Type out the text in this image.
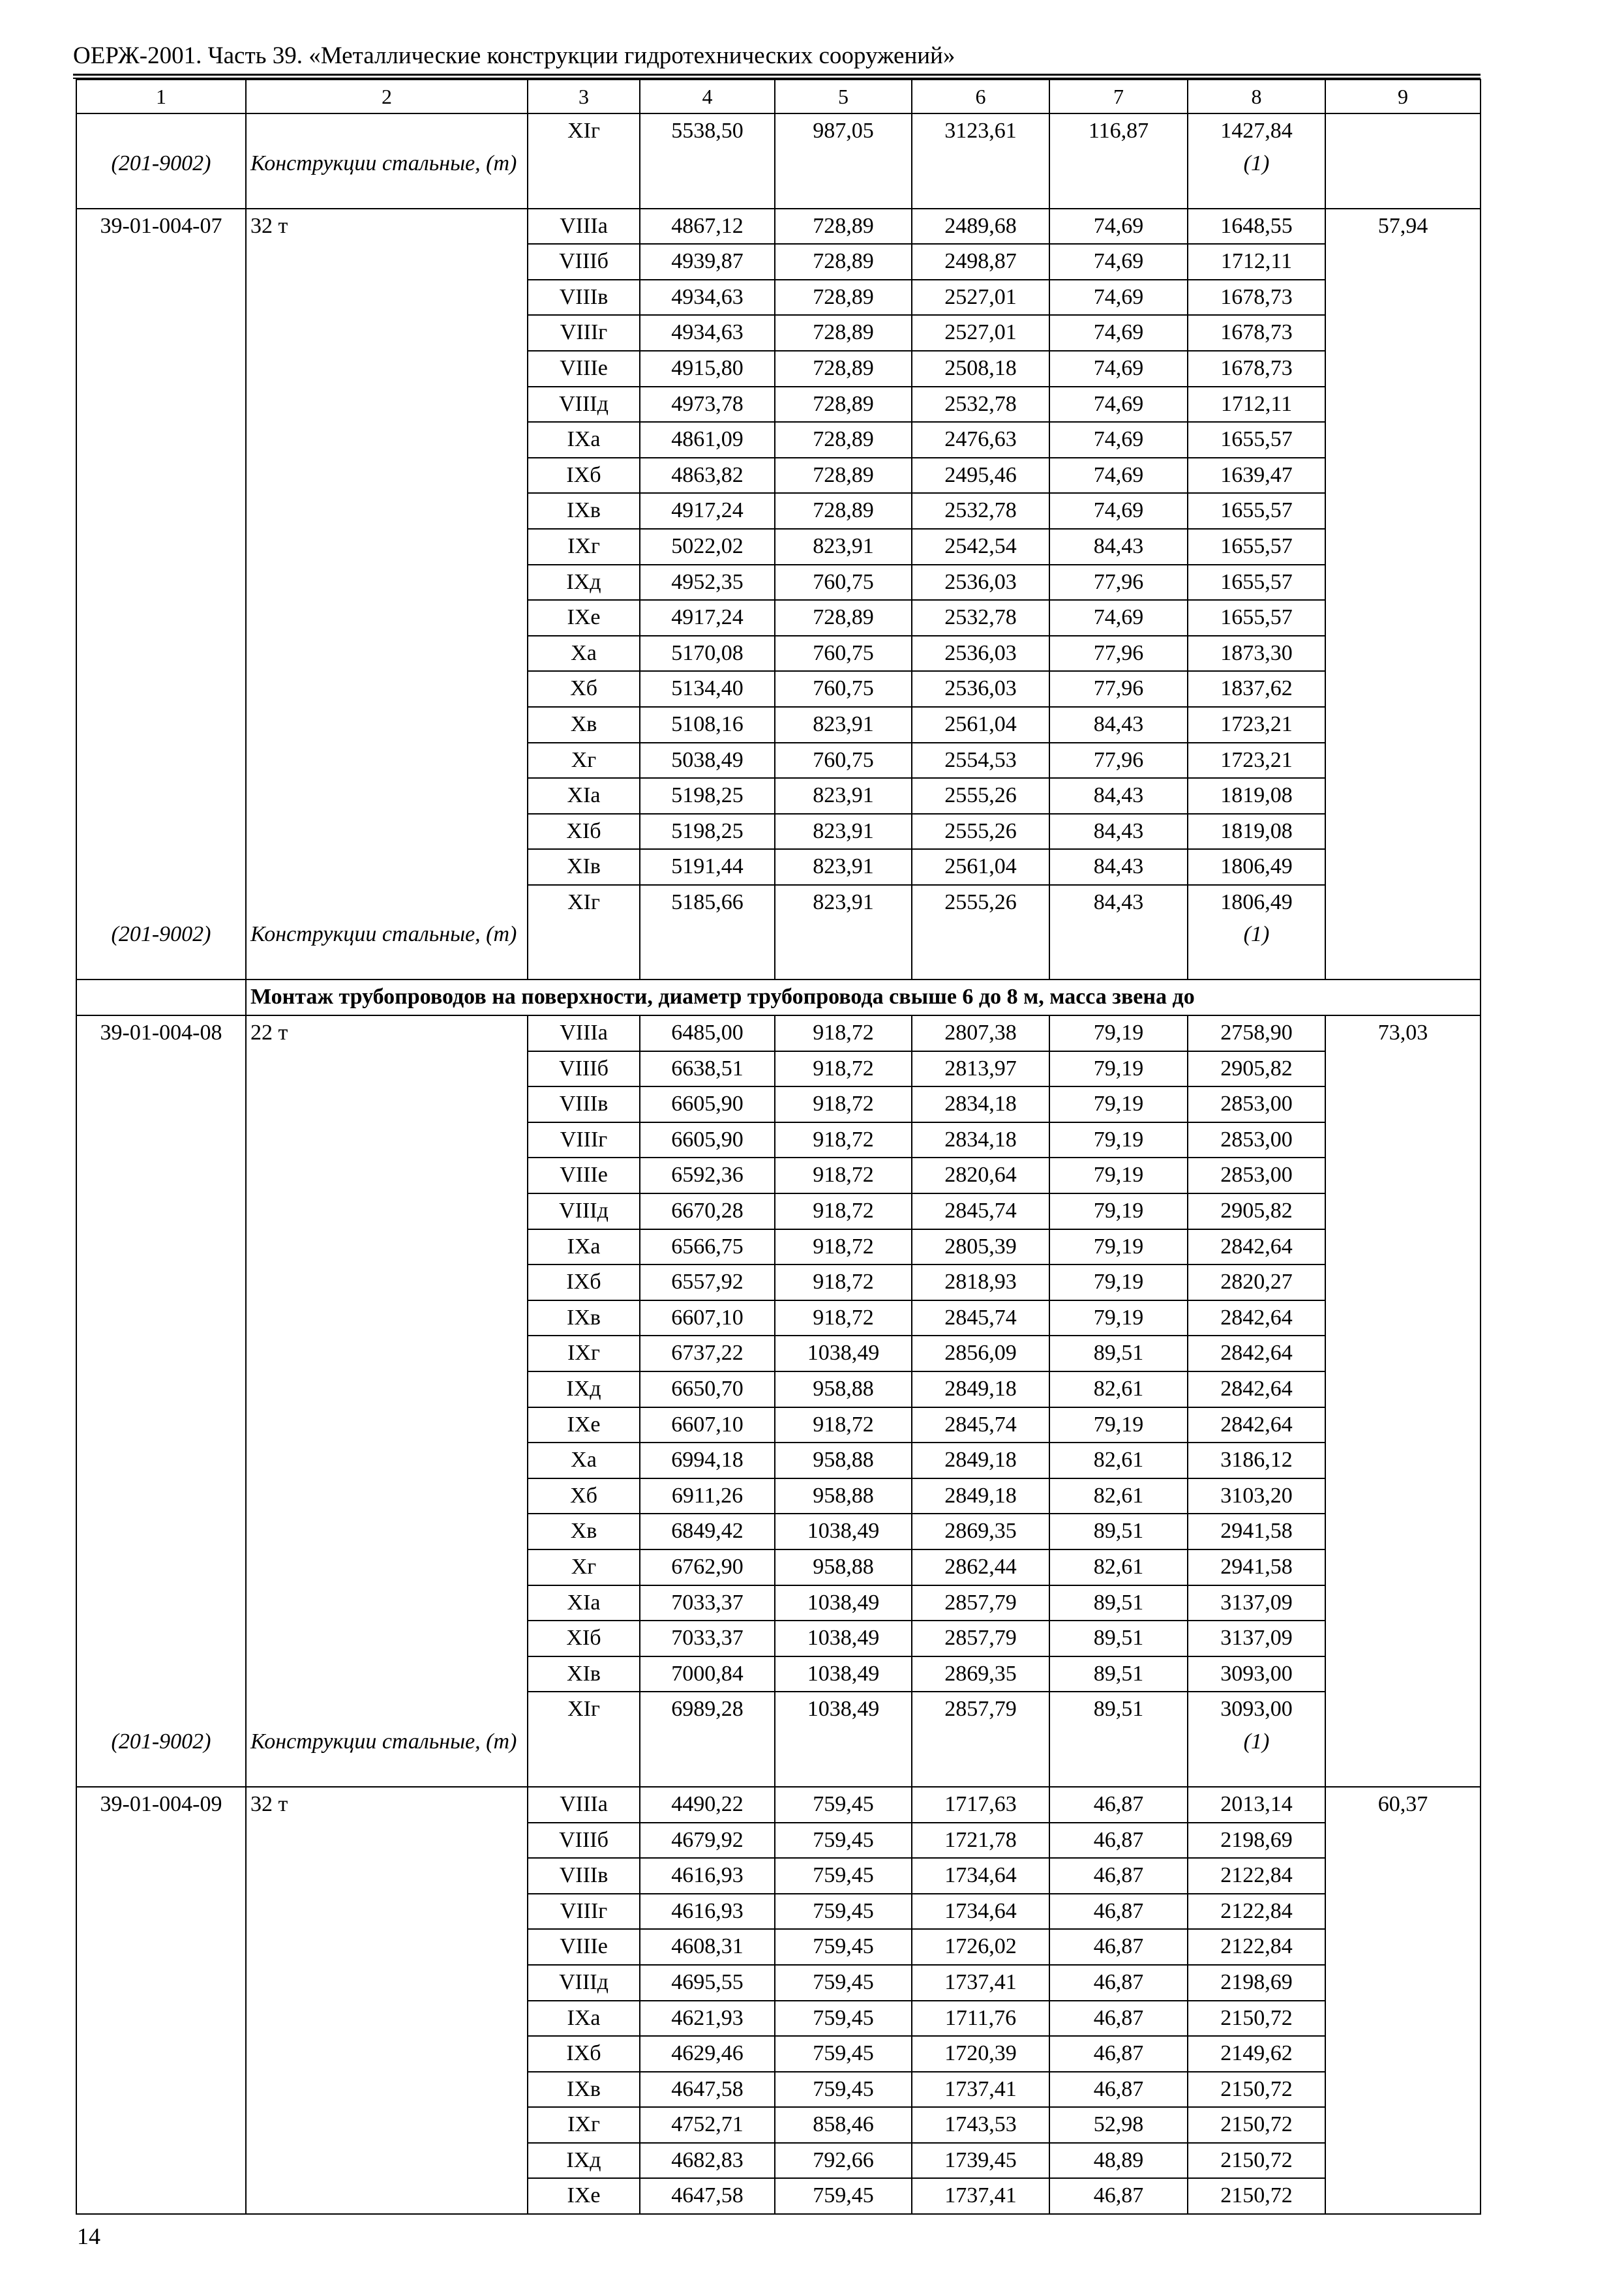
ОЕРЖ-2001. Часть 39. «Металлические конструкции гидротехнических сооружений»
1	2	3	4	5	6	7	8	9
		XIг	5538,50	987,05	3123,61	116,87	1427,84	
(201-9002)	Конструкции стальные, (т)						(1)	
39-01-004-07	32 т	VIIIа	4867,12	728,89	2489,68	74,69	1648,55	57,94
		VIIIб	4939,87	728,89	2498,87	74,69	1712,11	
		VIIIв	4934,63	728,89	2527,01	74,69	1678,73	
		VIIIг	4934,63	728,89	2527,01	74,69	1678,73	
		VIIIе	4915,80	728,89	2508,18	74,69	1678,73	
		VIIIд	4973,78	728,89	2532,78	74,69	1712,11	
		IXа	4861,09	728,89	2476,63	74,69	1655,57	
		IXб	4863,82	728,89	2495,46	74,69	1639,47	
		IXв	4917,24	728,89	2532,78	74,69	1655,57	
		IXг	5022,02	823,91	2542,54	84,43	1655,57	
		IXд	4952,35	760,75	2536,03	77,96	1655,57	
		IXе	4917,24	728,89	2532,78	74,69	1655,57	
		Xа	5170,08	760,75	2536,03	77,96	1873,30	
		Xб	5134,40	760,75	2536,03	77,96	1837,62	
		Xв	5108,16	823,91	2561,04	84,43	1723,21	
		Xг	5038,49	760,75	2554,53	77,96	1723,21	
		XIа	5198,25	823,91	2555,26	84,43	1819,08	
		XIб	5198,25	823,91	2555,26	84,43	1819,08	
		XIв	5191,44	823,91	2561,04	84,43	1806,49	
		XIг	5185,66	823,91	2555,26	84,43	1806,49	
(201-9002)	Конструкции стальные, (т)						(1)	
	Монтаж трубопроводов на поверхности, диаметр трубопровода свыше 6 до 8 м, масса звена до							
39-01-004-08	22 т	VIIIа	6485,00	918,72	2807,38	79,19	2758,90	73,03
		VIIIб	6638,51	918,72	2813,97	79,19	2905,82	
		VIIIв	6605,90	918,72	2834,18	79,19	2853,00	
		VIIIг	6605,90	918,72	2834,18	79,19	2853,00	
		VIIIе	6592,36	918,72	2820,64	79,19	2853,00	
		VIIIд	6670,28	918,72	2845,74	79,19	2905,82	
		IXа	6566,75	918,72	2805,39	79,19	2842,64	
		IXб	6557,92	918,72	2818,93	79,19	2820,27	
		IXв	6607,10	918,72	2845,74	79,19	2842,64	
		IXг	6737,22	1038,49	2856,09	89,51	2842,64	
		IXд	6650,70	958,88	2849,18	82,61	2842,64	
		IXе	6607,10	918,72	2845,74	79,19	2842,64	
		Xа	6994,18	958,88	2849,18	82,61	3186,12	
		Xб	6911,26	958,88	2849,18	82,61	3103,20	
		Xв	6849,42	1038,49	2869,35	89,51	2941,58	
		Xг	6762,90	958,88	2862,44	82,61	2941,58	
		XIа	7033,37	1038,49	2857,79	89,51	3137,09	
		XIб	7033,37	1038,49	2857,79	89,51	3137,09	
		XIв	7000,84	1038,49	2869,35	89,51	3093,00	
		XIг	6989,28	1038,49	2857,79	89,51	3093,00	
(201-9002)	Конструкции стальные, (т)						(1)	
39-01-004-09	32 т	VIIIа	4490,22	759,45	1717,63	46,87	2013,14	60,37
		VIIIб	4679,92	759,45	1721,78	46,87	2198,69	
		VIIIв	4616,93	759,45	1734,64	46,87	2122,84	
		VIIIг	4616,93	759,45	1734,64	46,87	2122,84	
		VIIIе	4608,31	759,45	1726,02	46,87	2122,84	
		VIIIд	4695,55	759,45	1737,41	46,87	2198,69	
		IXа	4621,93	759,45	1711,76	46,87	2150,72	
		IXб	4629,46	759,45	1720,39	46,87	2149,62	
		IXв	4647,58	759,45	1737,41	46,87	2150,72	
		IXг	4752,71	858,46	1743,53	52,98	2150,72	
		IXд	4682,83	792,66	1739,45	48,89	2150,72	
		IXе	4647,58	759,45	1737,41	46,87	2150,72	
14
